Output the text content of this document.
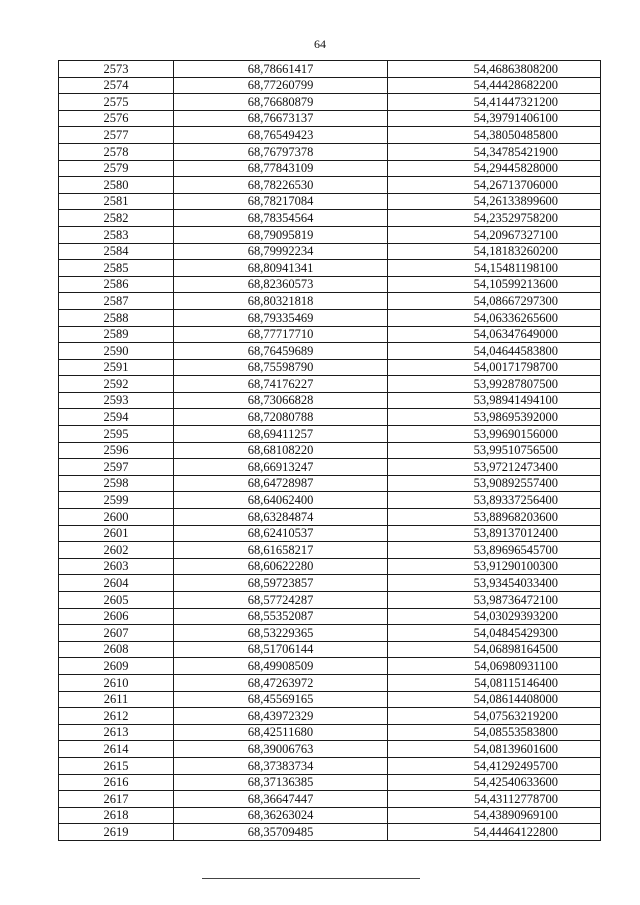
64
2573	68,78661417	54,46863808200
2574	68,77260799	54,44428682200
2575	68,76680879	54,41447321200
2576	68,76673137	54,39791406100
2577	68,76549423	54,38050485800
2578	68,76797378	54,34785421900
2579	68,77843109	54,29445828000
2580	68,78226530	54,26713706000
2581	68,78217084	54,26133899600
2582	68,78354564	54,23529758200
2583	68,79095819	54,20967327100
2584	68,79992234	54,18183260200
2585	68,80941341	54,15481198100
2586	68,82360573	54,10599213600
2587	68,80321818	54,08667297300
2588	68,79335469	54,06336265600
2589	68,77717710	54,06347649000
2590	68,76459689	54,04644583800
2591	68,75598790	54,00171798700
2592	68,74176227	53,99287807500
2593	68,73066828	53,98941494100
2594	68,72080788	53,98695392000
2595	68,69411257	53,99690156000
2596	68,68108220	53,99510756500
2597	68,66913247	53,97212473400
2598	68,64728987	53,90892557400
2599	68,64062400	53,89337256400
2600	68,63284874	53,88968203600
2601	68,62410537	53,89137012400
2602	68,61658217	53,89696545700
2603	68,60622280	53,91290100300
2604	68,59723857	53,93454033400
2605	68,57724287	53,98736472100
2606	68,55352087	54,03029393200
2607	68,53229365	54,04845429300
2608	68,51706144	54,06898164500
2609	68,49908509	54,06980931100
2610	68,47263972	54,08115146400
2611	68,45569165	54,08614408000
2612	68,43972329	54,07563219200
2613	68,42511680	54,08553583800
2614	68,39006763	54,08139601600
2615	68,37383734	54,41292495700
2616	68,37136385	54,42540633600
2617	68,36647447	54,43112778700
2618	68,36263024	54,43890969100
2619	68,35709485	54,44464122800
